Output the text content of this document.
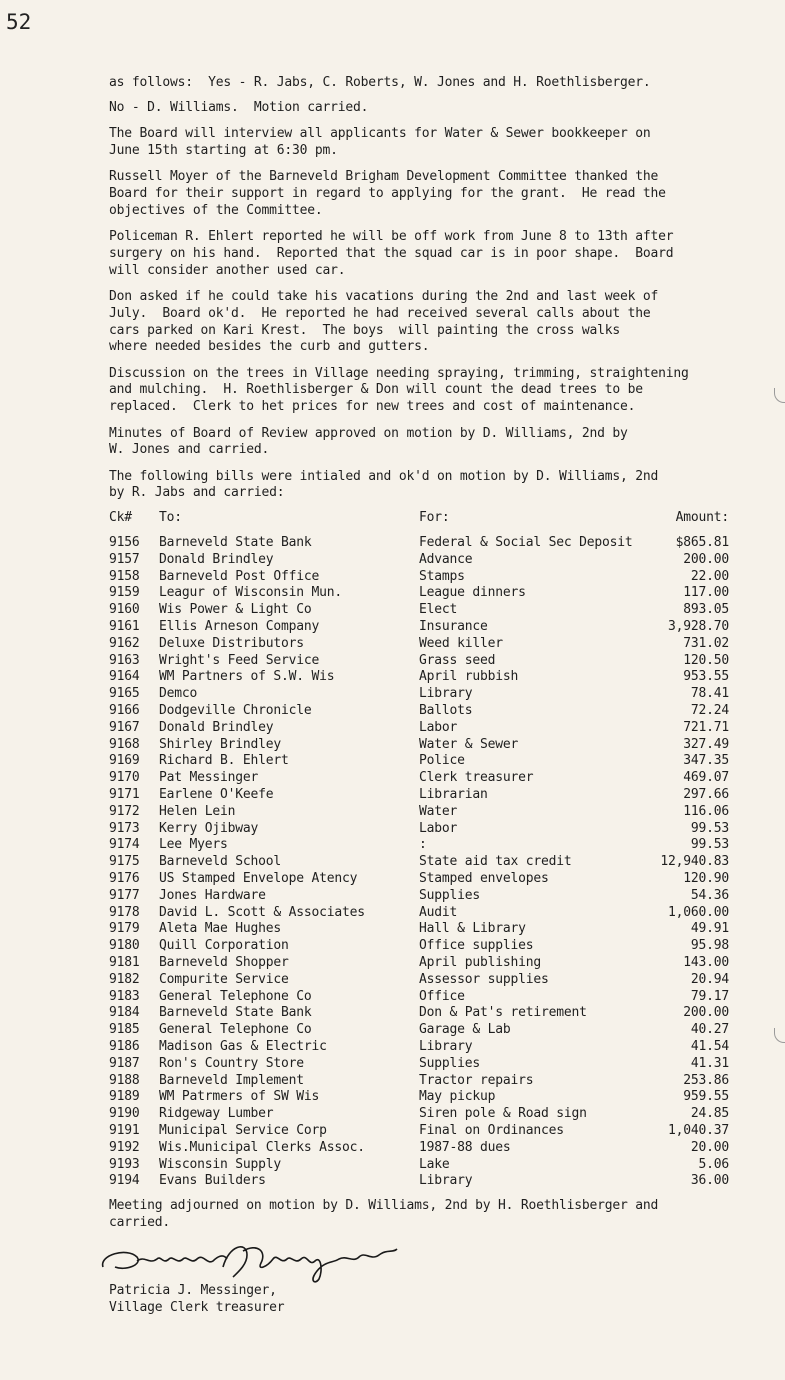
52

as follows:  Yes - R. Jabs, C. Roberts, W. Jones and H. Roethlisberger.

No - D. Williams.  Motion carried.

The Board will interview all applicants for Water & Sewer bookkeeper on
June 15th starting at 6:30 pm.

Russell Moyer of the Barneveld Brigham Development Committee thanked the
Board for their support in regard to applying for the grant.  He read the
objectives of the Committee.

Policeman R. Ehlert reported he will be off work from June 8 to 13th after
surgery on his hand.  Reported that the squad car is in poor shape.  Board
will consider another used car.

Don asked if he could take his vacations during the 2nd and last week of
July.  Board ok'd.  He reported he had received several calls about the
cars parked on Kari Krest.  The boys  will painting the cross walks
where needed besides the curb and gutters.

Discussion on the trees in Village needing spraying, trimming, straightening
and mulching.  H. Roethlisberger & Don will count the dead trees to be
replaced.  Clerk to het prices for new trees and cost of maintenance.

Minutes of Board of Review approved on motion by D. Williams, 2nd by
W. Jones and carried.

The following bills were intialed and ok'd on motion by D. Williams, 2nd
by R. Jabs and carried:

Ck#	To:	For:	Amount:
9156	Barneveld State Bank	Federal & Social Sec Deposit	$865.81
9157	Donald Brindley	Advance	200.00
9158	Barneveld Post Office	Stamps	22.00
9159	Leagur of Wisconsin Mun.	League dinners	117.00
9160	Wis Power & Light Co	Elect	893.05
9161	Ellis Arneson Company	Insurance	3,928.70
9162	Deluxe Distributors	Weed killer	731.02
9163	Wright's Feed Service	Grass seed	120.50
9164	WM Partners of S.W. Wis	April rubbish	953.55
9165	Demco	Library	78.41
9166	Dodgeville Chronicle	Ballots	72.24
9167	Donald Brindley	Labor	721.71
9168	Shirley Brindley	Water & Sewer	327.49
9169	Richard B. Ehlert	Police	347.35
9170	Pat Messinger	Clerk treasurer	469.07
9171	Earlene O'Keefe	Librarian	297.66
9172	Helen Lein	Water	116.06
9173	Kerry Ojibway	Labor	99.53
9174	Lee Myers	:	99.53
9175	Barneveld School	State aid tax credit	12,940.83
9176	US Stamped Envelope Atency	Stamped envelopes	120.90
9177	Jones Hardware	Supplies	54.36
9178	David L. Scott & Associates	Audit	1,060.00
9179	Aleta Mae Hughes	Hall & Library	49.91
9180	Quill Corporation	Office supplies	95.98
9181	Barneveld Shopper	April publishing	143.00
9182	Compurite Service	Assessor supplies	20.94
9183	General Telephone Co	Office	79.17
9184	Barneveld State Bank	Don & Pat's retirement	200.00
9185	General Telephone Co	Garage & Lab	40.27
9186	Madison Gas & Electric	Library	41.54
9187	Ron's Country Store	Supplies	41.31
9188	Barneveld Implement	Tractor repairs	253.86
9189	WM Patrmers of SW Wis	May pickup	959.55
9190	Ridgeway Lumber	Siren pole & Road sign	24.85
9191	Municipal Service Corp	Final on Ordinances	1,040.37
9192	Wis.Municipal Clerks Assoc.	1987-88 dues	20.00
9193	Wisconsin Supply	Lake	5.06
9194	Evans Builders	Library	36.00

Meeting adjourned on motion by D. Williams, 2nd by H. Roethlisberger and
carried.

Patricia J. Messinger,
Village Clerk treasurer
